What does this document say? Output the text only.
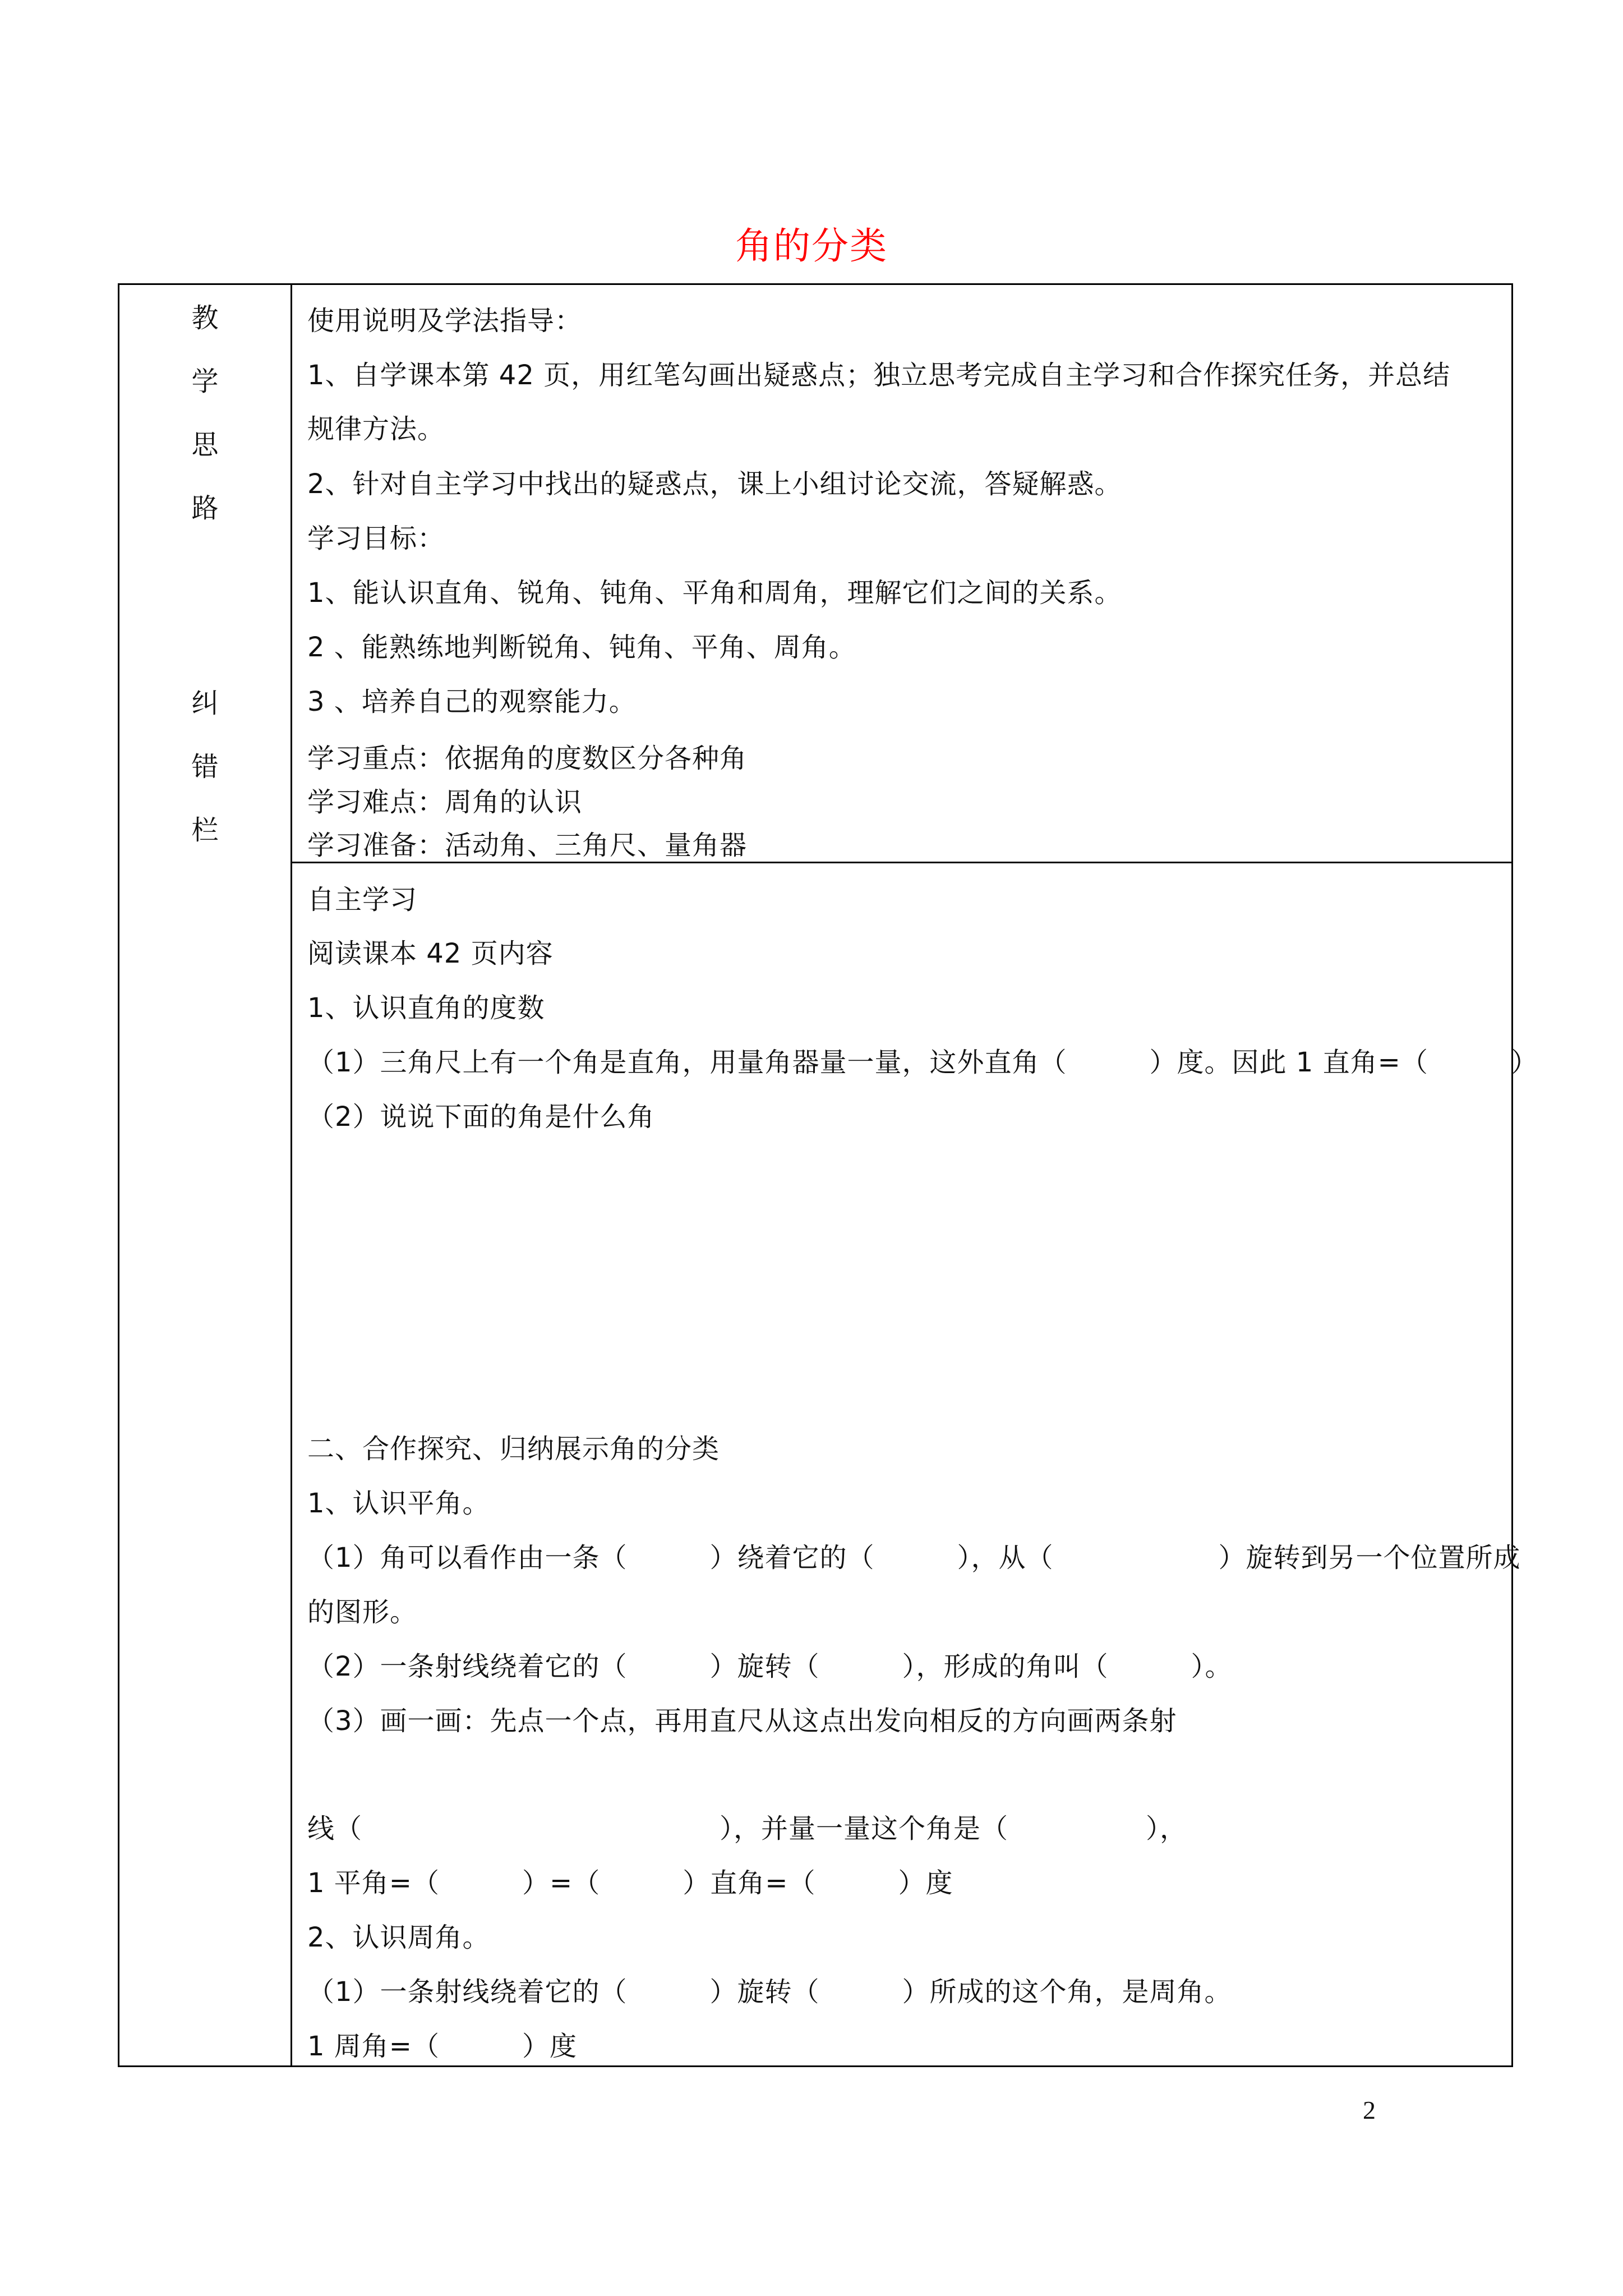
角的分类
教
学
思
路
纠
错
栏
使用说明及学法指导：
1、自学课本第 42 页，用红笔勾画出疑惑点；独立思考完成自主学习和合作探究任务，并总结
规律方法。
2、针对自主学习中找出的疑惑点，课上小组讨论交流，答疑解惑。
学习目标：
1、能认识直角、锐角、钝角、平角和周角，理解它们之间的关系。
2 、能熟练地判断锐角、钝角、平角、周角。
3 、培养自己的观察能力。
学习重点：依据角的度数区分各种角
学习难点：周角的认识
学习准备：活动角、三角尺、量角器
自主学习
阅读课本 42 页内容
1、认识直角的度数
（1）三角尺上有一个角是直角，用量角器量一量，这外直角（　　　）度。因此 1 直角=（　　　）
（2）说说下面的角是什么角
二、合作探究、归纳展示角的分类
1、认识平角。
（1）角可以看作由一条（　　　）绕着它的（　　　），从（　　　　　　）旋转到另一个位置所成
的图形。
（2）一条射线绕着它的（　　　）旋转（　　　），形成的角叫（　　　）。
（3）画一画：先点一个点，再用直尺从这点出发向相反的方向画两条射
线（　　　　　　　　　　　　　），并量一量这个角是（　　　　　），
1 平角=（　　　）=（　　　）直角=（　　　）度
2、认识周角。
（1）一条射线绕着它的（　　　）旋转（　　　）所成的这个角，是周角。
1 周角=（　　　）度
2
